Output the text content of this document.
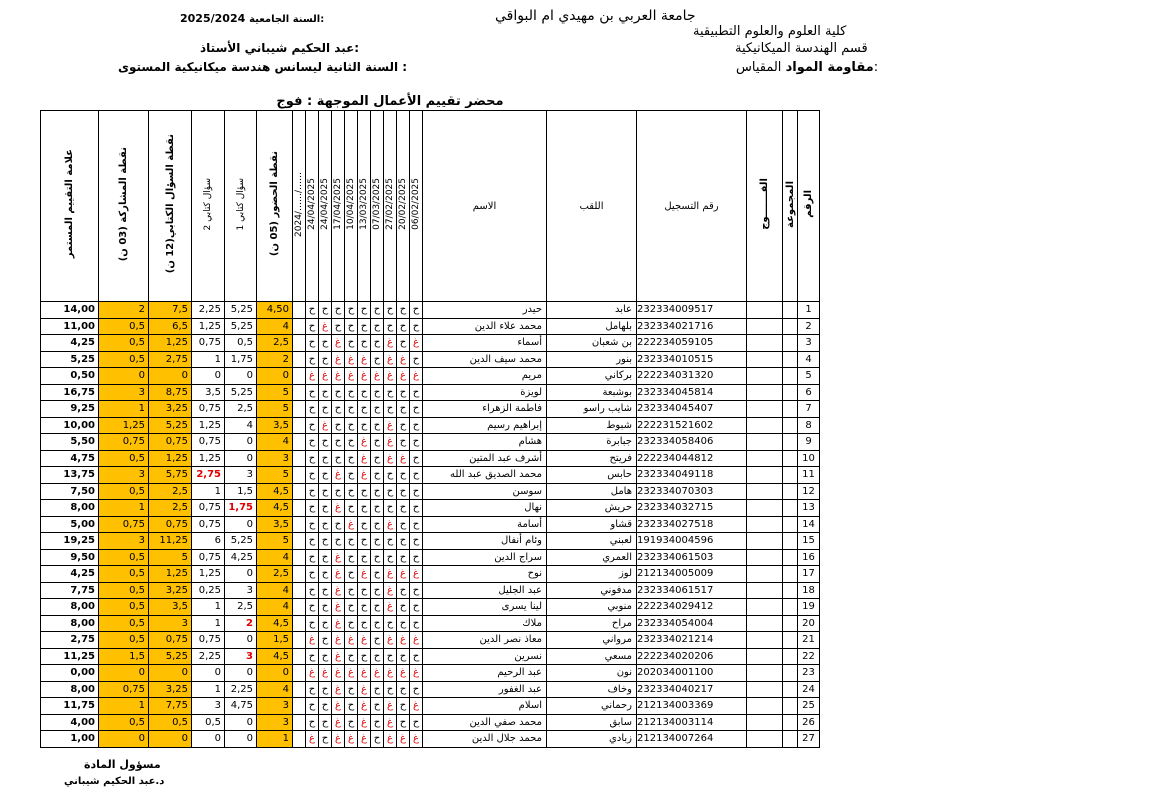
2025/2024 السنة الجامعية:	جامعة العربي بن مهيدي ام البواقي
كلية العلوم والعلوم التطبيقية
قسم الهندسة الميكانيكية
مقاومة المواد المقياس:
عبد الحكيم شيباني الأستاذ:
السنة الثانية ليسانس هندسة ميكانيكية المستوى :
محضر تقييم الأعمال الموجهة : فوج
علامة التقييم المستمر	نقطة المشاركة (03 ن)	نقطة السؤال الكتابي(12 ن)	سؤال كتابي 2	سؤال كتابي 1	نقطة الحضور (05 ن)	2024/……/……	24/04/2025	24/04/2025	17/04/2025	10/04/2025	13/03/2025	07/03/2025	27/02/2025	20/02/2025	06/02/2025	الاسم	اللقب	رقم التسجيل	الفـــــــوج	المجموعة	الرقم
14,00	2	7,5	2,25	5,25	4,50		ح	ح	ح	ح	ح	ح	ح	ح	ح	حيدر	عابد	232334009517			1
11,00	0,5	6,5	1,25	5,25	4		ح	غ	ح	ح	ح	ح	ح	ح	ح	محمد علاء الدين	بلهامل	232334021716			2
4,25	0,5	1,25	0,75	0,5	2,5		ح	ح	غ	ح	ح	ح	غ	ح	غ	أسماء	بن شعبان	222234059105			3
5,25	0,5	2,75	1	1,75	2		ح	ح	غ	غ	غ	ح	غ	غ	ح	محمد سيف الدين	بنور	232334010515			4
0,50	0	0	0	0	0		غ	غ	غ	غ	غ	غ	غ	غ	غ	مريم	بركاني	222234031320			5
16,75	3	8,75	3,5	5,25	5		ح	ح	ح	ح	ح	ح	ح	ح	ح	لويزة	بوشبعة	232334045814			6
9,25	1	3,25	0,75	2,5	5		ح	ح	ح	ح	ح	ح	ح	ح	ح	فاطمة الزهراء	شايب راسو	232334045407			7
10,00	1,25	5,25	1,25	4	3,5		ح	غ	ح	ح	ح	ح	غ	ح	ح	إبراهيم رسيم	شبوط	222231521602			8
5,50	0,75	0,75	0,75	0	4		ح	ح	ح	ح	غ	ح	غ	ح	ح	هشام	جبابرة	232334058406			9
4,75	0,5	1,25	1,25	0	3		ح	ح	ح	ح	غ	ح	غ	غ	ح	أشرف عبد المتين	فريتح	222234044812			10
13,75	3	5,75	2,75	3	5		ح	ح	غ	ح	غ	ح	ح	ح	ح	محمد الصديق عبد الله	حابس	232334049118			11
7,50	0,5	2,5	1	1,5	4,5		ح	ح	ح	ح	ح	ح	ح	ح	ح	سوسن	هامل	232334070303			12
8,00	1	2,5	0,75	1,75	4,5		ح	ح	غ	ح	ح	ح	ح	ح	ح	نهال	حريش	232334032715			13
5,00	0,75	0,75	0,75	0	3,5		ح	ح	ح	غ	ح	ح	غ	ح	ح	أسامة	قشاو	232334027518			14
19,25	3	11,25	6	5,25	5		ح	ح	ح	ح	ح	ح	ح	ح	ح	وئام أنفال	لعبني	191934004596			15
9,50	0,5	5	0,75	4,25	4		ح	ح	غ	ح	ح	ح	ح	ح	ح	سراج الدين	العمري	232334061503			16
4,25	0,5	1,25	1,25	0	2,5		ح	ح	غ	ح	غ	ح	غ	غ	غ	نوح	لوز	212134005009			17
7,75	0,5	3,25	0,25	3	4		ح	ح	غ	ح	ح	ح	غ	ح	ح	عبد الجليل	مدفوني	232334061517			18
8,00	0,5	3,5	1	2,5	4		ح	ح	غ	ح	ح	ح	غ	ح	ح	لينا يسرى	منوبي	222234029412			19
8,00	0,5	3	1	2	4,5		ح	ح	غ	ح	ح	ح	ح	ح	ح	ملاك	مراح	232334054004			20
2,75	0,5	0,75	0,75	0	1,5		غ	ح	غ	غ	غ	ح	غ	غ	غ	معاذ نصر الدين	مرواني	232334021214			21
11,25	1,5	5,25	2,25	3	4,5		ح	ح	غ	ح	ح	ح	ح	ح	ح	نسرين	مسعي	222234020206			22
0,00	0	0	0	0	0		غ	غ	غ	غ	غ	غ	غ	غ	غ	عبد الرحيم	نون	202034001100			23
8,00	0,75	3,25	1	2,25	4		ح	ح	غ	ح	غ	ح	ح	ح	ح	عبد الغفور	وخاف	232334040217			24
11,75	1	7,75	3	4,75	3		ح	ح	غ	ح	غ	ح	غ	ح	غ	اسلام	رحماني	212134003369			25
4,00	0,5	0,5	0,5	0	3		ح	ح	غ	ح	غ	ح	غ	ح	ح	محمد صفي الدين	سابق	212134003114			26
1,00	0	0	0	0	1		غ	ح	غ	غ	غ	ح	غ	غ	غ	محمد جلال الدين	زبادي	212134007264			27
مسؤول المادة
د.عبد الحكيم شيباني
